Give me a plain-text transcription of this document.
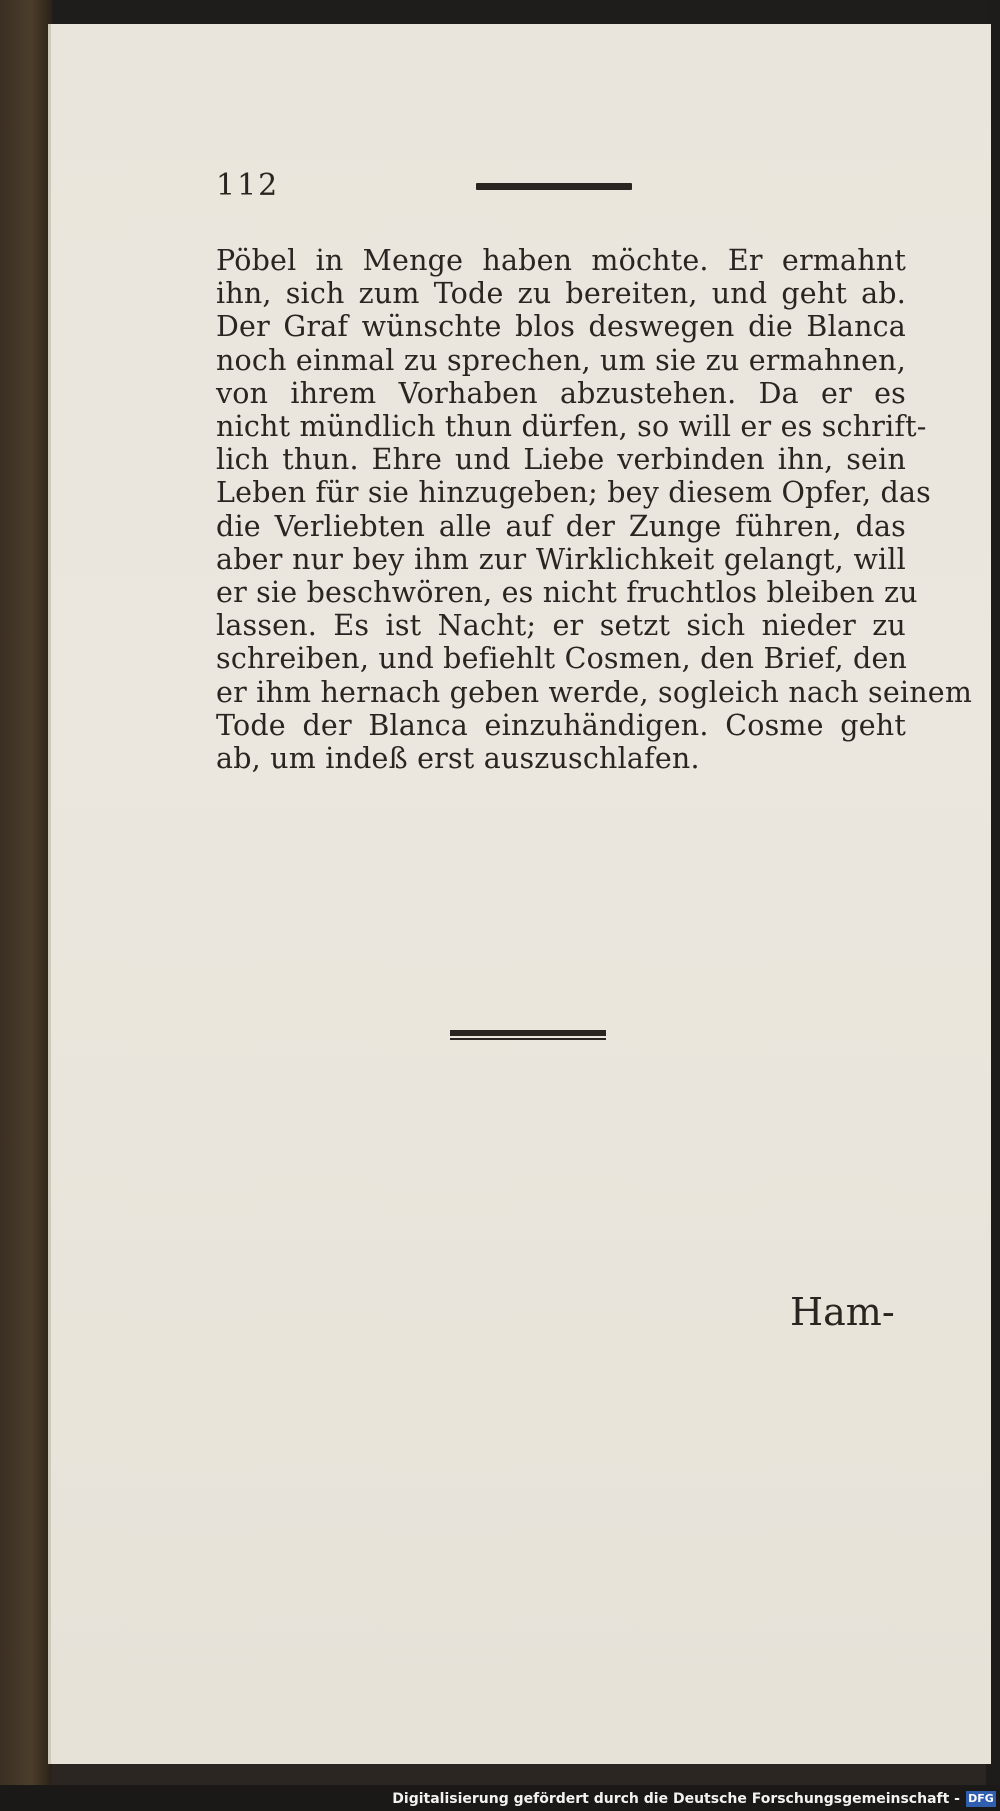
112
Pöbel in Menge haben möchte. Er ermahnt
ihn, sich zum Tode zu bereiten, und geht ab.
Der Graf wünschte blos deswegen die Blanca
noch einmal zu sprechen, um sie zu ermahnen,
von ihrem Vorhaben abzustehen. Da er es
nicht mündlich thun dürfen, so will er es schrift-
lich thun. Ehre und Liebe verbinden ihn, sein
Leben für sie hinzugeben; bey diesem Opfer, das
die Verliebten alle auf der Zunge führen, das
aber nur bey ihm zur Wirklichkeit gelangt, will
er sie beschwören, es nicht fruchtlos bleiben zu
lassen. Es ist Nacht; er setzt sich nieder zu
schreiben, und befiehlt Cosmen, den Brief, den
er ihm hernach geben werde, sogleich nach seinem
Tode der Blanca einzuhändigen. Cosme geht
ab, um indeß erst auszuschlafen.
Ham-
Digitalisierung gefördert durch die Deutsche Forschungsgemeinschaft - DFG
